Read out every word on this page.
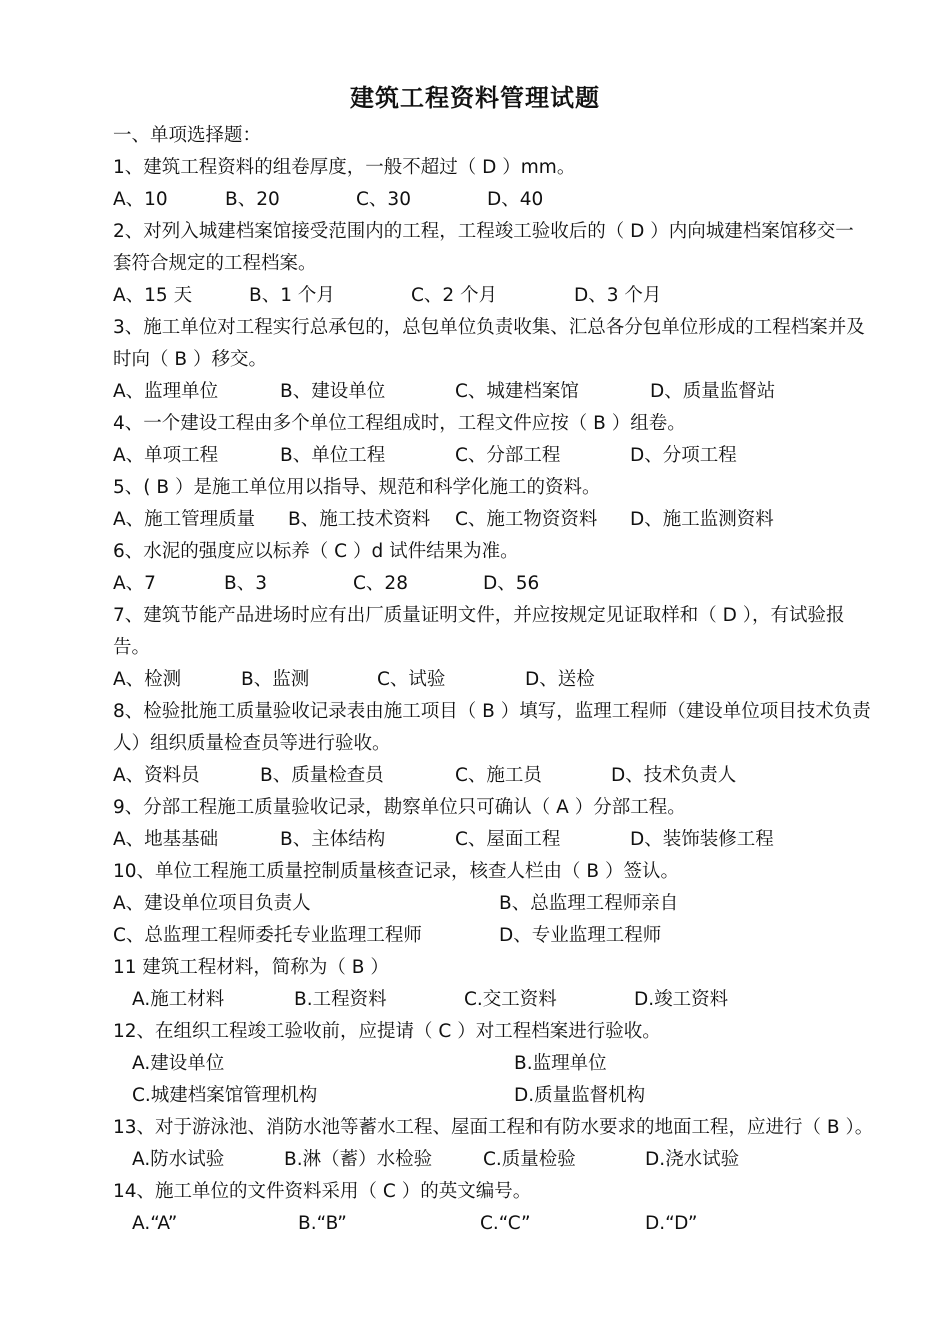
建筑工程资料管理试题
一、单项选择题：
1、建筑工程资料的组卷厚度，一般不超过（ D ）mm。
A、10	B、20	C、30	D、40
2、对列入城建档案馆接受范围内的工程，工程竣工验收后的（ D ）内向城建档案馆移交一
套符合规定的工程档案。
A、15 天	B、1 个月	C、2 个月	D、3 个月
3、施工单位对工程实行总承包的，总包单位负责收集、汇总各分包单位形成的工程档案并及
时向（ B ）移交。
A、监理单位	B、建设单位	C、城建档案馆	D、质量监督站
4、一个建设工程由多个单位工程组成时，工程文件应按（ B ）组卷。
A、单项工程	B、单位工程	C、分部工程	D、分项工程
5、( B ）是施工单位用以指导、规范和科学化施工的资料。
A、施工管理质量 B、施工技术资料 C、施工物资资料 D、施工监测资料
6、水泥的强度应以标养（ C ）d 试件结果为准。
A、7	B、3	C、28	D、56
7、建筑节能产品进场时应有出厂质量证明文件，并应按规定见证取样和（ D ），有试验报
告。
A、检测	B、监测	C、试验	D、送检
8、检验批施工质量验收记录表由施工项目（ B ）填写，监理工程师（建设单位项目技术负责
人）组织质量检查员等进行验收。
A、资料员	B、质量检查员	C、施工员	D、技术负责人
9、分部工程施工质量验收记录，勘察单位只可确认（ A ）分部工程。
A、地基基础	B、主体结构	C、屋面工程	D、装饰装修工程
10、单位工程施工质量控制质量核查记录，核查人栏由（ B ）签认。
A、建设单位项目负责人	B、总监理工程师亲自
C、总监理工程师委托专业监理工程师	D、专业监理工程师
11 建筑工程材料，简称为（ B ）
A.施工材料	B.工程资料	C.交工资料	D.竣工资料
12、在组织工程竣工验收前，应提请（ C ）对工程档案进行验收。
A.建设单位	B.监理单位
C.城建档案馆管理机构	D.质量监督机构
13、对于游泳池、消防水池等蓄水工程、屋面工程和有防水要求的地面工程，应进行（ B ）。
A.防水试验	B.淋（蓄）水检验	C.质量检验	D.浇水试验
14、施工单位的文件资料采用（ C ）的英文编号。
A.“A”	B.“B”	C.“C”	D.“D”
